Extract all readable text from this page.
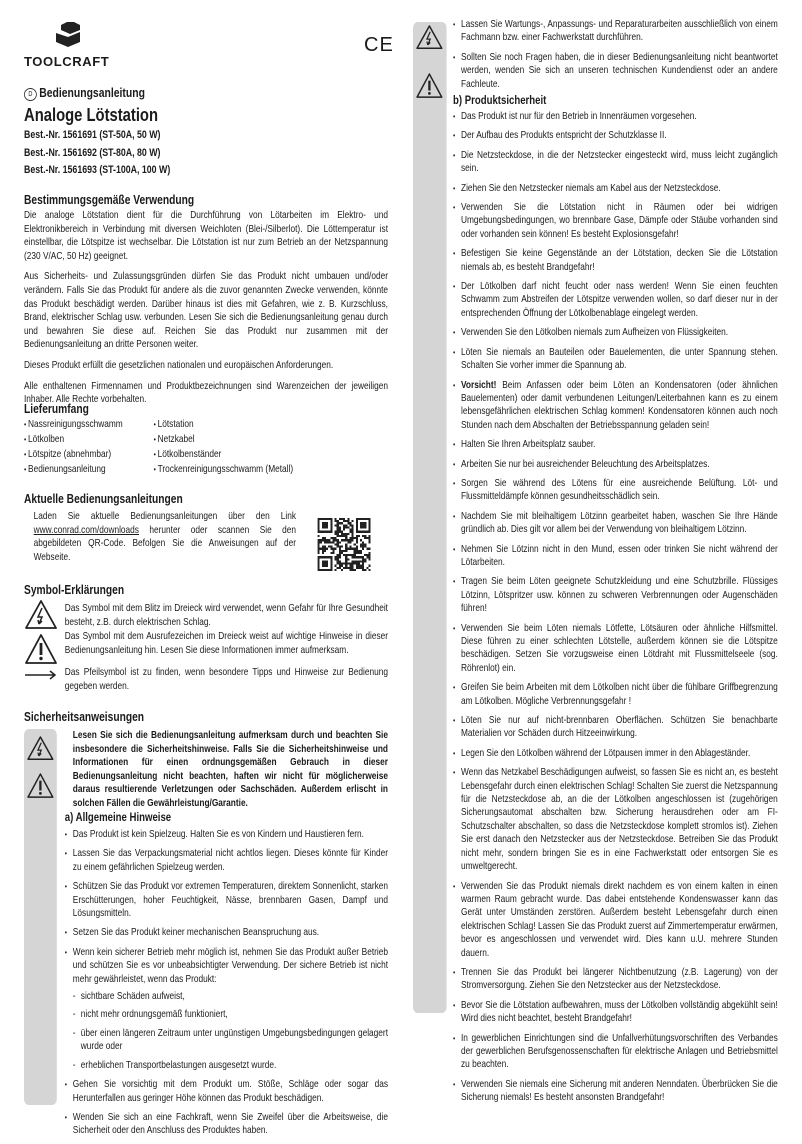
TOOLCRAFT
CE
D Bedienungsanleitung
Analoge Lötstation
Best.-Nr. 1561691 (ST-50A, 50 W)
Best.-Nr. 1561692 (ST-80A, 80 W)
Best.-Nr. 1561693 (ST-100A, 100 W)
Bestimmungsgemäße Verwendung

Die analoge Lötstation dient für die Durchführung von Lötarbeiten im Elektro- und Elektronikbereich in Verbindung mit diversen Weichloten (Blei-/Silberlot). Die Löttemperatur ist einstellbar, die Lötspitze ist wechselbar. Die Lötstation ist nur zum Betrieb an der Netzspannung (230 V/AC, 50 Hz) geeignet.

Aus Sicherheits- und Zulassungsgründen dürfen Sie das Produkt nicht umbauen und/oder verändern. Falls Sie das Produkt für andere als die zuvor genannten Zwecke verwenden, könnte das Produkt beschädigt werden. Darüber hinaus ist dies mit Gefahren, wie z. B. Kurzschluss, Brand, elektrischer Schlag usw. verbunden. Lesen Sie sich die Bedienungsanleitung genau durch und bewahren Sie diese auf. Reichen Sie das Produkt nur zusammen mit der Bedienungsanleitung an dritte Personen weiter.

Dieses Produkt erfüllt die gesetzlichen nationalen und europäischen Anforderungen.

Alle enthaltenen Firmennamen und Produktbezeichnungen sind Warenzeichen der jeweiligen Inhaber. Alle Rechte vorbehalten.

Lieferumfang
• Nassreinigungsschwamm	• Lötstation
• Lötkolben	• Netzkabel
• Lötspitze (abnehmbar)	• Lötkolbenständer
• Bedienungsanleitung	• Trockenreinigungsschwamm (Metall)
Aktuelle Bedienungsanleitungen

Laden Sie aktuelle Bedienungsanleitungen über den Link www.conrad.com/downloads herunter oder scannen Sie den abgebildeten QR-Code. Befolgen Sie die Anweisungen auf der Webseite.

Symbol-Erklärungen

Das Symbol mit dem Blitz im Dreieck wird verwendet, wenn Gefahr für Ihre Gesundheit besteht, z.B. durch elektrischen Schlag.

Das Symbol mit dem Ausrufezeichen im Dreieck weist auf wichtige Hinweise in dieser Bedienungsanleitung hin. Lesen Sie diese Informationen immer aufmerksam.

Das Pfeilsymbol ist zu finden, wenn besondere Tipps und Hinweise zur Bedienung gegeben werden.

Sicherheitsanweisungen

Lesen Sie sich die Bedienungsanleitung aufmerksam durch und beachten Sie insbesondere die Sicherheitshinweise. Falls Sie die Sicherheitshinweise und Informationen für einen ordnungsgemäßen Gebrauch in dieser Bedienungsanleitung nicht beachten, haften wir nicht für möglicherweise daraus resultierende Verletzungen oder Sachschäden. Außerdem erlischt in solchen Fällen die Gewährleistung/Garantie.

a) Allgemeine Hinweise
• Das Produkt ist kein Spielzeug. Halten Sie es von Kindern und Haustieren fern.
• Lassen Sie das Verpackungsmaterial nicht achtlos liegen. Dieses könnte für Kinder zu einem gefährlichen Spielzeug werden.
• Schützen Sie das Produkt vor extremen Temperaturen, direktem Sonnenlicht, starken Erschütterungen, hoher Feuchtigkeit, Nässe, brennbaren Gasen, Dampf und Lösungsmitteln.
• Setzen Sie das Produkt keiner mechanischen Beanspruchung aus.
• Wenn kein sicherer Betrieb mehr möglich ist, nehmen Sie das Produkt außer Betrieb und schützen Sie es vor unbeabsichtigter Verwendung. Der sichere Betrieb ist nicht mehr gewährleistet, wenn das Produkt:
- sichtbare Schäden aufweist,
- nicht mehr ordnungsgemäß funktioniert,
- über einen längeren Zeitraum unter ungünstigen Umgebungsbedingungen gelagert wurde oder
- erheblichen Transportbelastungen ausgesetzt wurde.
• Gehen Sie vorsichtig mit dem Produkt um. Stöße, Schläge oder sogar das Herunterfallen aus geringer Höhe können das Produkt beschädigen.
• Wenden Sie sich an eine Fachkraft, wenn Sie Zweifel über die Arbeitsweise, die Sicherheit oder den Anschluss des Produktes haben.
• Lassen Sie Wartungs-, Anpassungs- und Reparaturarbeiten ausschließlich von einem Fachmann bzw. einer Fachwerkstatt durchführen.
• Sollten Sie noch Fragen haben, die in dieser Bedienungsanleitung nicht beantwortet werden, wenden Sie sich an unseren technischen Kundendienst oder an andere Fachleute.
b) Produktsicherheit
• Das Produkt ist nur für den Betrieb in Innenräumen vorgesehen.
• Der Aufbau des Produkts entspricht der Schutzklasse II.
• Die Netzsteckdose, in die der Netzstecker eingesteckt wird, muss leicht zugänglich sein.
• Ziehen Sie den Netzstecker niemals am Kabel aus der Netzsteckdose.
• Verwenden Sie die Lötstation nicht in Räumen oder bei widrigen Umgebungsbedingungen, wo brennbare Gase, Dämpfe oder Stäube vorhanden sind oder vorhanden sein können! Es besteht Explosionsgefahr!
• Befestigen Sie keine Gegenstände an der Lötstation, decken Sie die Lötstation niemals ab, es besteht Brandgefahr!
• Der Lötkolben darf nicht feucht oder nass werden! Wenn Sie einen feuchten Schwamm zum Abstreifen der Lötspitze verwenden wollen, so darf dieser nur in der entsprechenden Öffnung der Lötkolbenablage eingelegt werden.
• Verwenden Sie den Lötkolben niemals zum Aufheizen von Flüssigkeiten.
• Löten Sie niemals an Bauteilen oder Bauelementen, die unter Spannung stehen. Schalten Sie vorher immer die Spannung ab.
• Vorsicht! Beim Anfassen oder beim Löten an Kondensatoren (oder ähnlichen Bauelementen) oder damit verbundenen Leitungen/Leiterbahnen kann es zu einem lebensgefährlichen elektrischen Schlag kommen! Kondensatoren können auch noch Stunden nach dem Abschalten der Betriebsspannung geladen sein!
• Halten Sie Ihren Arbeitsplatz sauber.
• Arbeiten Sie nur bei ausreichender Beleuchtung des Arbeitsplatzes.
• Sorgen Sie während des Lötens für eine ausreichende Belüftung. Löt- und Flussmitteldämpfe können gesundheitsschädlich sein.
• Nachdem Sie mit bleihaltigem Lötzinn gearbeitet haben, waschen Sie Ihre Hände gründlich ab. Dies gilt vor allem bei der Verwendung von bleihaltigem Lötzinn.
• Nehmen Sie Lötzinn nicht in den Mund, essen oder trinken Sie nicht während der Lötarbeiten.
• Tragen Sie beim Löten geeignete Schutzkleidung und eine Schutzbrille. Flüssiges Lötzinn, Lötspritzer usw. können zu schweren Verbrennungen oder Augenschäden führen!
• Verwenden Sie beim Löten niemals Lötfette, Lötsäuren oder ähnliche Hilfsmittel. Diese führen zu einer schlechten Lötstelle, außerdem können sie die Lötspitze beschädigen. Setzen Sie vorzugsweise einen Lötdraht mit Flussmittelseele (sog. Röhrenlot) ein.
• Greifen Sie beim Arbeiten mit dem Lötkolben nicht über die fühlbare Griffbegrenzung am Lötkolben. Mögliche Verbrennungsgefahr !
• Löten Sie nur auf nicht-brennbaren Oberflächen. Schützen Sie benachbarte Materialien vor Schäden durch Hitzeeinwirkung.
• Legen Sie den Lötkolben während der Lötpausen immer in den Ablageständer.
• Wenn das Netzkabel Beschädigungen aufweist, so fassen Sie es nicht an, es besteht Lebensgefahr durch einen elektrischen Schlag! Schalten Sie zuerst die Netzspannung für die Netzsteckdose ab, an die der Lötkolben angeschlossen ist (zugehörigen Sicherungsautomat abschalten bzw. Sicherung herausdrehen oder am FI-Schutzschalter abschalten, so dass die Netzsteckdose komplett stromlos ist). Ziehen Sie erst danach den Netzstecker aus der Netzsteckdose. Betreiben Sie das Produkt nicht mehr, sondern bringen Sie es in eine Fachwerkstatt oder entsorgen Sie es umweltgerecht.
• Verwenden Sie das Produkt niemals direkt nachdem es von einem kalten in einen warmen Raum gebracht wurde. Das dabei entstehende Kondenswasser kann das Gerät unter Umständen zerstören. Außerdem besteht Lebensgefahr durch einen elektrischen Schlag! Lassen Sie das Produkt zuerst auf Zimmertemperatur erwärmen, bevor es angeschlossen und verwendet wird. Dies kann u.U. mehrere Stunden dauern.
• Trennen Sie das Produkt bei längerer Nichtbenutzung (z.B. Lagerung) von der Stromversorgung. Ziehen Sie den Netzstecker aus der Netzsteckdose.
• Bevor Sie die Lötstation aufbewahren, muss der Lötkolben vollständig abgekühlt sein! Wird dies nicht beachtet, besteht Brandgefahr!
• In gewerblichen Einrichtungen sind die Unfallverhütungsvorschriften des Verbandes der gewerblichen Berufsgenossenschaften für elektrische Anlagen und Betriebsmittel zu beachten.
• Verwenden Sie niemals eine Sicherung mit anderen Nenndaten. Überbrücken Sie die Sicherung niemals! Es besteht ansonsten Brandgefahr!
